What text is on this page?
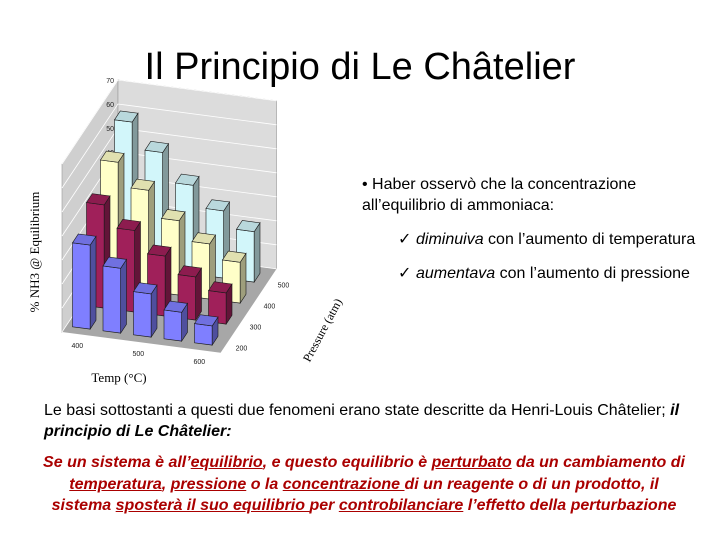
Il Principio di Le Châtelier
50
60
70
400
500
600
200
300
400
500
% NH3 @ Equilibrium
Temp (°C)
Pressure (atm)
• Haber osservò che la concentrazione all’equilibrio di ammoniaca:
✓ diminuiva con l’aumento di temperatura
✓ aumentava con l’aumento di pressione
Le basi sottostanti a questi due fenomeni erano state descritte da Henri-Louis Châtelier; il principio di Le Châtelier:
Se un sistema è all’equilibrio, e questo equilibrio è perturbato da un cambiamento di temperatura, pressione o la concentrazione di un reagente o di un prodotto, il sistema sposterà il suo equilibrio per controbilanciare l’effetto della perturbazione
